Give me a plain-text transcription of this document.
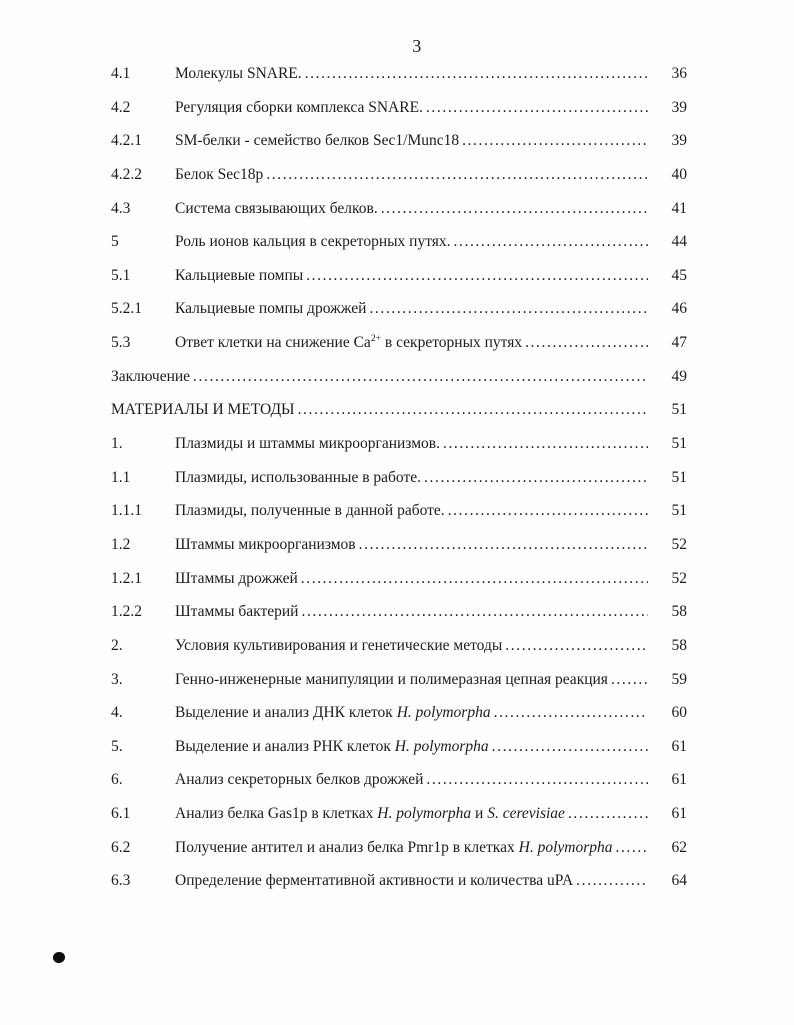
3
4.1	Молекулы SNARE. .....	36
4.2	Регуляция сборки комплекса SNARE. .....	39
4.2.1	SM-белки - семейство белков Sec1/Munc18 .....	39
4.2.2	Белок Sec18p .....	40
4.3	Система связывающих белков. .....	41
5	Роль ионов кальция в секреторных путях. .....	44
5.1	Кальциевые помпы .....	45
5.2.1	Кальциевые помпы дрожжей .....	46
5.3	Ответ клетки на снижение $Ca^{2+}$ в секреторных путях .....	47
Заключение .....	49
МАТЕРИАЛЫ И МЕТОДЫ .....	51
1.	Плазмиды и штаммы микроорганизмов. .....	51
1.1	Плазмиды, использованные в работе. .....	51
1.1.1	Плазмиды, полученные в данной работе. .....	51
1.2	Штаммы микроорганизмов .....	52
1.2.1	Штаммы дрожжей .....	52
1.2.2	Штаммы бактерий .....	58
2.	Условия культивирования и генетические методы .....	58
3.	Генно-инженерные манипуляции и полимеразная цепная реакция .....	59
4.	Выделение и анализ ДНК клеток H. polymorpha .....	60
5.	Выделение и анализ РНК клеток H. polymorpha .....	61
6.	Анализ секреторных белков дрожжей .....	61
6.1	Анализ белка Gas1p в клетках H. polymorpha и S. cerevisiae .....	61
6.2	Получение антител и анализ белка Pmr1p в клетках H. polymorpha .....	62
6.3	Определение ферментативной активности и количества uPA .....	64
